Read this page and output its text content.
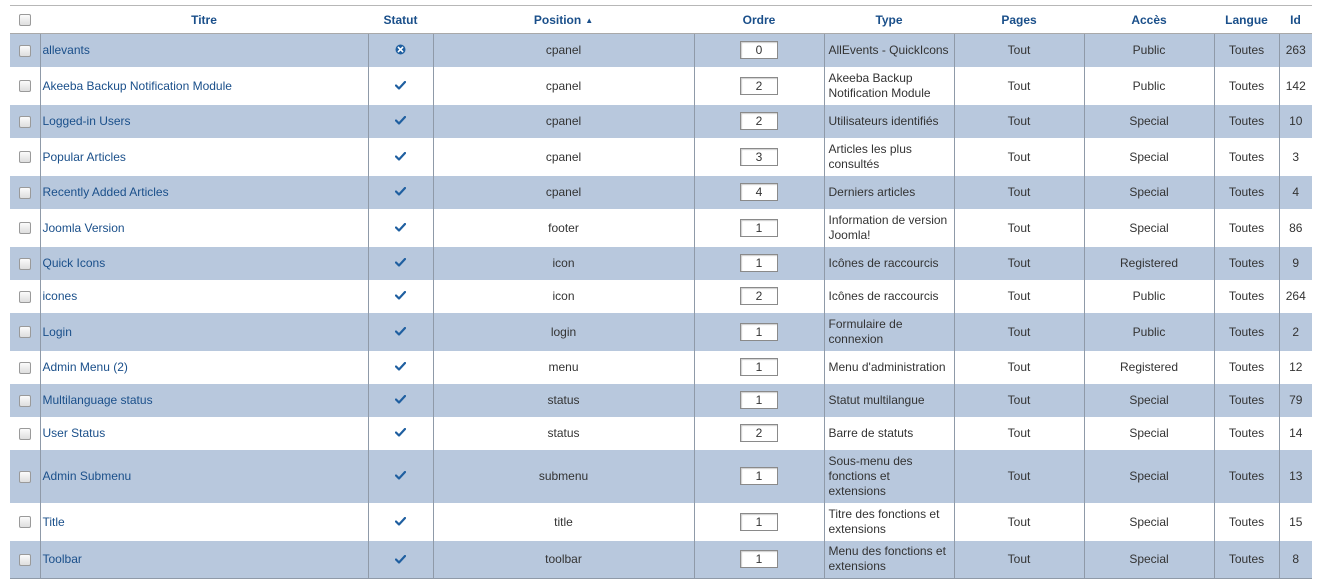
	Titre	Statut	Position ▲	Ordre	Type	Pages	Accès	Langue	Id
	allevants		cpanel	0	AllEvents - QuickIcons	Tout	Public	Toutes	263
	Akeeba Backup Notification Module		cpanel	2	Akeeba Backup Notification Module	Tout	Public	Toutes	142
	Logged-in Users		cpanel	2	Utilisateurs identifiés	Tout	Special	Toutes	10
	Popular Articles		cpanel	3	Articles les plus consultés	Tout	Special	Toutes	3
	Recently Added Articles		cpanel	4	Derniers articles	Tout	Special	Toutes	4
	Joomla Version		footer	1	Information de version Joomla!	Tout	Special	Toutes	86
	Quick Icons		icon	1	Icônes de raccourcis	Tout	Registered	Toutes	9
	icones		icon	2	Icônes de raccourcis	Tout	Public	Toutes	264
	Login		login	1	Formulaire de connexion	Tout	Public	Toutes	2
	Admin Menu (2)		menu	1	Menu d'administration	Tout	Registered	Toutes	12
	Multilanguage status		status	1	Statut multilangue	Tout	Special	Toutes	79
	User Status		status	2	Barre de statuts	Tout	Special	Toutes	14
	Admin Submenu		submenu	1	Sous-menu des fonctions et extensions	Tout	Special	Toutes	13
	Title		title	1	Titre des fonctions et extensions	Tout	Special	Toutes	15
	Toolbar		toolbar	1	Menu des fonctions et extensions	Tout	Special	Toutes	8
